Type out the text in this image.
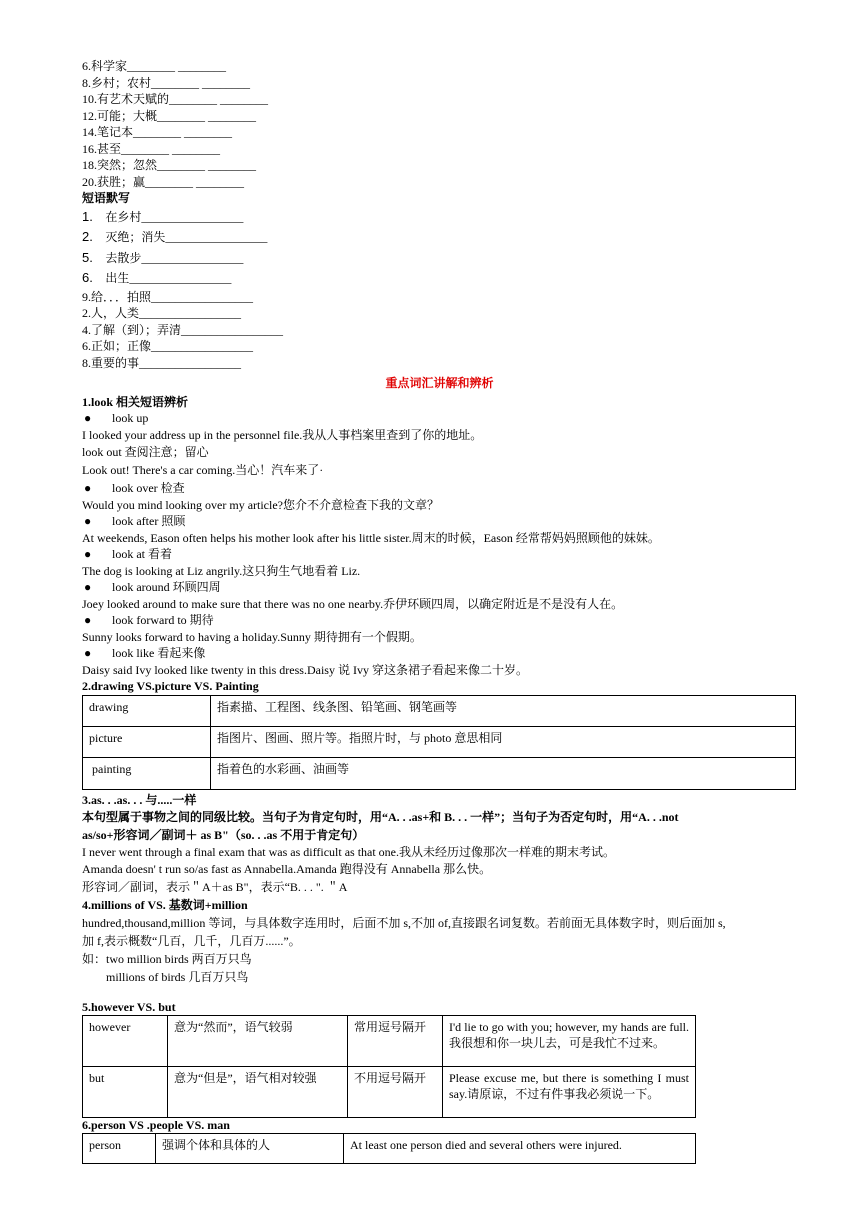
6.科学家________ ________
8.乡村；农村________ ________
10.有艺术天赋的________ ________
12.可能；大概________ ________
14.笔记本________ ________
16.甚至________ ________
18.突然；忽然________ ________
20.获胜；赢________ ________
短语默写
1. 在乡村_________________
2. 灭绝；消失_________________
5. 去散步_________________
6. 出生_________________
9.给．．．拍照_________________
2.人，人类_________________
4.了解（到）；弄清_________________
6.正如；正像_________________
8.重要的事_________________
重点词汇讲解和辨析
1.look 相关短语辨析
● look up
I looked your address up in the personnel file.我从人事档案里查到了你的地址。
look out 查阅注意；留心
Look out! There's a car coming.当心！汽车来了·
● look over 检查
Would you mind looking over my article?您介不介意检查下我的文章？
● look after 照顾
At weekends, Eason often helps his mother look after his little sister.周末的时候，Eason 经常帮妈妈照顾他的妹妹。
● look at 看着
The dog is looking at Liz angrily.这只狗生气地看着 Liz.
● look around 环顾四周
Joey looked around to make sure that there was no one nearby.乔伊环顾四周，以确定附近是不是没有人在。
● look forward to 期待
Sunny looks forward to having a holiday.Sunny 期待拥有一个假期。
● look like 看起来像
Daisy said Ivy looked like twenty in this dress.Daisy 说 Ivy 穿这条裙子看起来像二十岁。
2.drawing VS.picture VS. Painting
drawing	指素描、工程图、线条图、铅笔画、钢笔画等
picture	指图片、图画、照片等。指照片时，与 photo 意思相同
painting	指着色的水彩画、油画等
3.as. . .as. . . 与.....一样
本句型属于事物之间的同级比较。当句子为肯定句时，用“A. . .as+和 B. . . 一样”；当句子为否定句时，用“A. . .not
as/so+形容词／副词＋ as B"（so. . .as 不用于肯定句）
I never went through a final exam that was as difficult as that one.我从未经历过像那次一样难的期末考试。
Amanda doesn' t run so/as fast as Annabella.Amanda 跑得没有 Annabella 那么快。
形容词／副词，表示＂A＋as B"，表示“B. . . ". ＂A
4.millions of VS. 基数词+million
hundred,thousand,million 等词，与具体数字连用时，后面不加 s,不加 of,直接跟名词复数。若前面无具体数字时，则后面加 s,
加 f,表示概数“几百，几千，几百万......”。
如：two million birds 两百万只鸟
millions of birds 几百万只鸟
5.however VS. but
however	意为“然而”，语气较弱	常用逗号隔开	I'd lie to go with you; however, my hands are full.我很想和你一块儿去，可是我忙不过来。
but	意为“但是”，语气相对较强	不用逗号隔开	Please excuse me, but there is something I must say.请原谅，不过有件事我必须说一下。
6.person VS .people VS. man
person	强调个体和具体的人	At least one person died and several others were injured.
